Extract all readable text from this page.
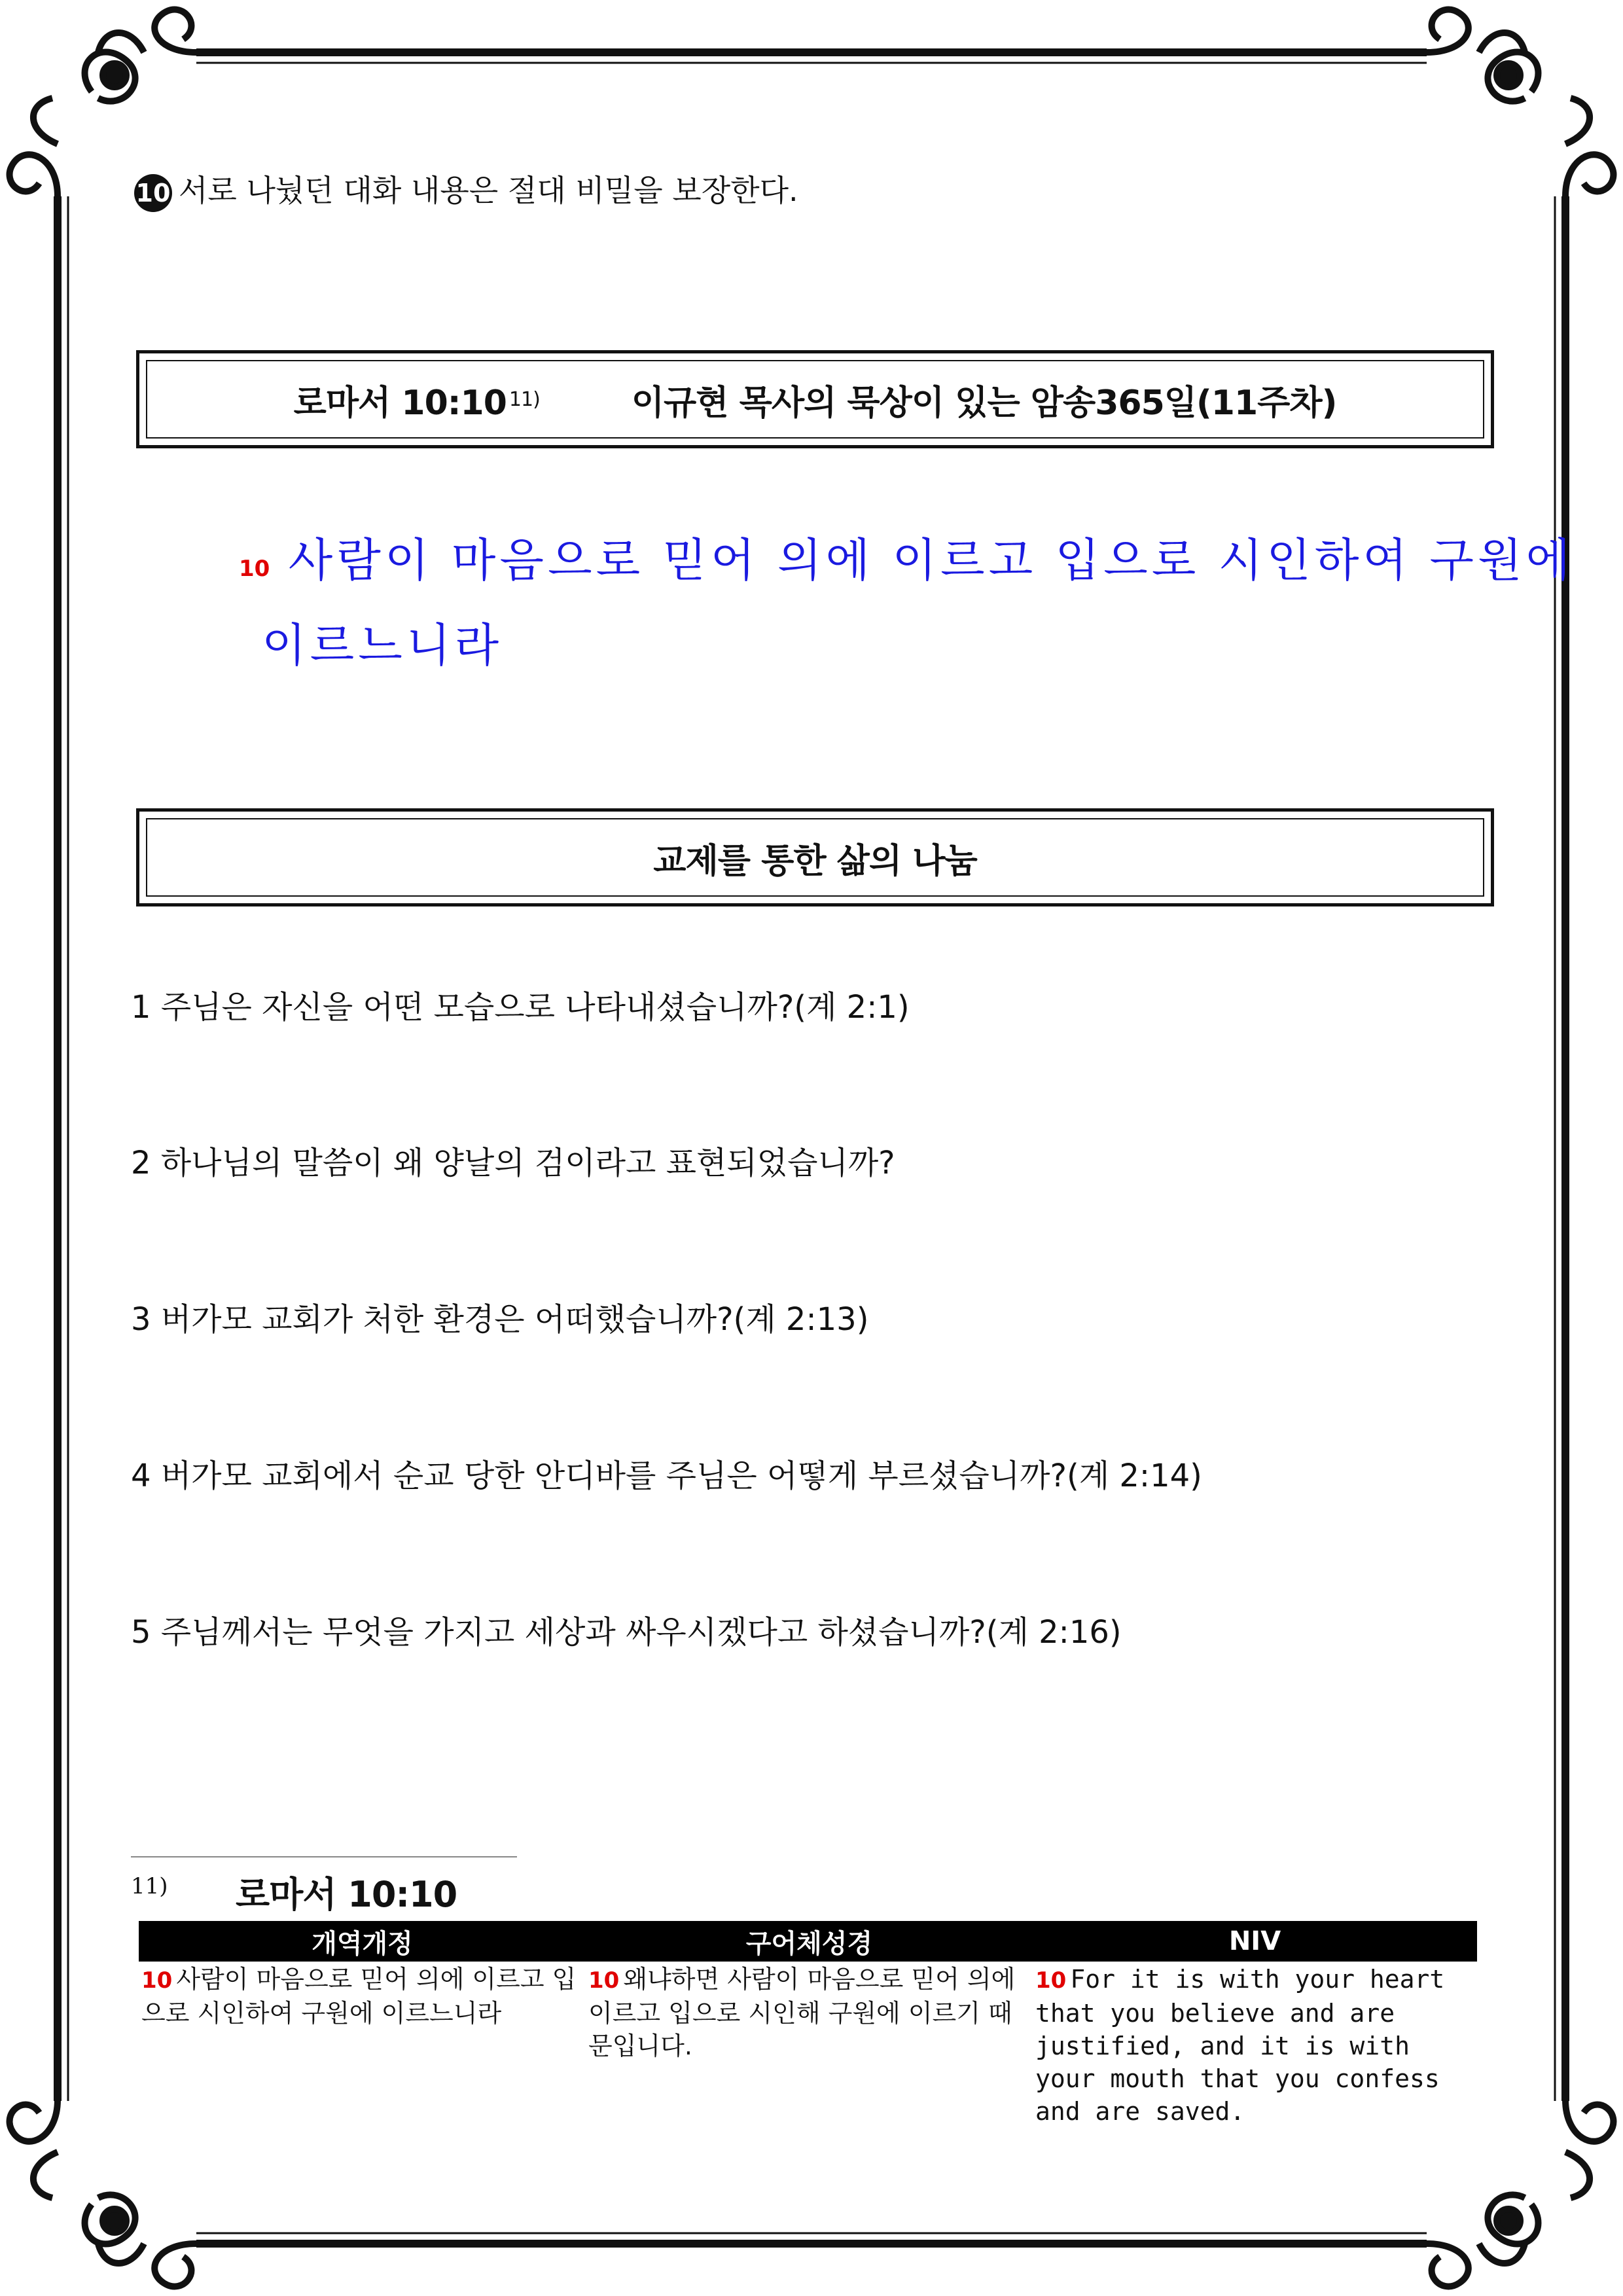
10 서로 나눴던 대화 내용은 절대 비밀을 보장한다.
로마서 10:10 11)	이규현 목사의 묵상이 있는 암송365일(11주차)
10 사람이 마음으로 믿어 의에 이르고 입으로 시인하여 구원에
이르느니라
교제를 통한 삶의 나눔
1 주님은 자신을 어떤 모습으로 나타내셨습니까?(계 2:1)
2 하나님의 말씀이 왜 양날의 검이라고 표현되었습니까?
3 버가모 교회가 처한 환경은 어떠했습니까?(계 2:13)
4 버가모 교회에서 순교 당한 안디바를 주님은 어떻게 부르셨습니까?(계 2:14)
5 주님께서는 무엇을 가지고 세상과 싸우시겠다고 하셨습니까?(계 2:16)
11) 로마서 10:10
개역개정	구어체성경	NIV
10 사람이 마음으로 믿어 의에 이르고 입으로 시인하여 구원에 이르느니라	10 왜냐하면 사람이 마음으로 믿어 의에 이르고 입으로 시인해 구원에 이르기 때문입니다.	10 For it is with your heart that you believe and are justified, and it is with your mouth that you confess and are saved.
